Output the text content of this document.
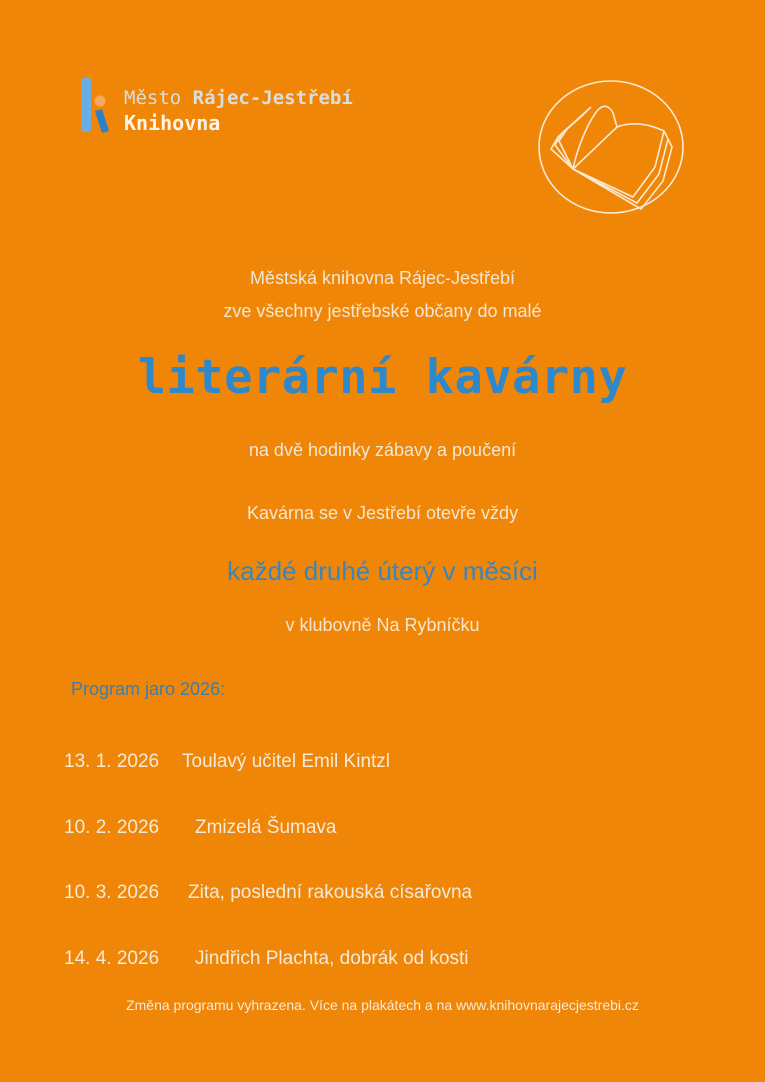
Město Rájec-Jestřebí
Knihovna
Městská knihovna Rájec-Jestřebí
zve všechny jestřebské občany do malé
literární kavárny
na dvě hodinky zábavy a poučení
Kavárna se v Jestřebí otevře vždy
každé druhé úterý v měsíci
v klubovně Na Rybníčku
Program jaro 2026:
13. 1. 2026 Toulavý učitel Emil Kintzl
10. 2. 2026 Zmizelá Šumava
10. 3. 2026 Zita, poslední rakouská císařovna
14. 4. 2026 Jindřich Plachta, dobrák od kosti
Změna programu vyhrazena. Více na plakátech a na www.knihovnarajecjestrebi.cz
